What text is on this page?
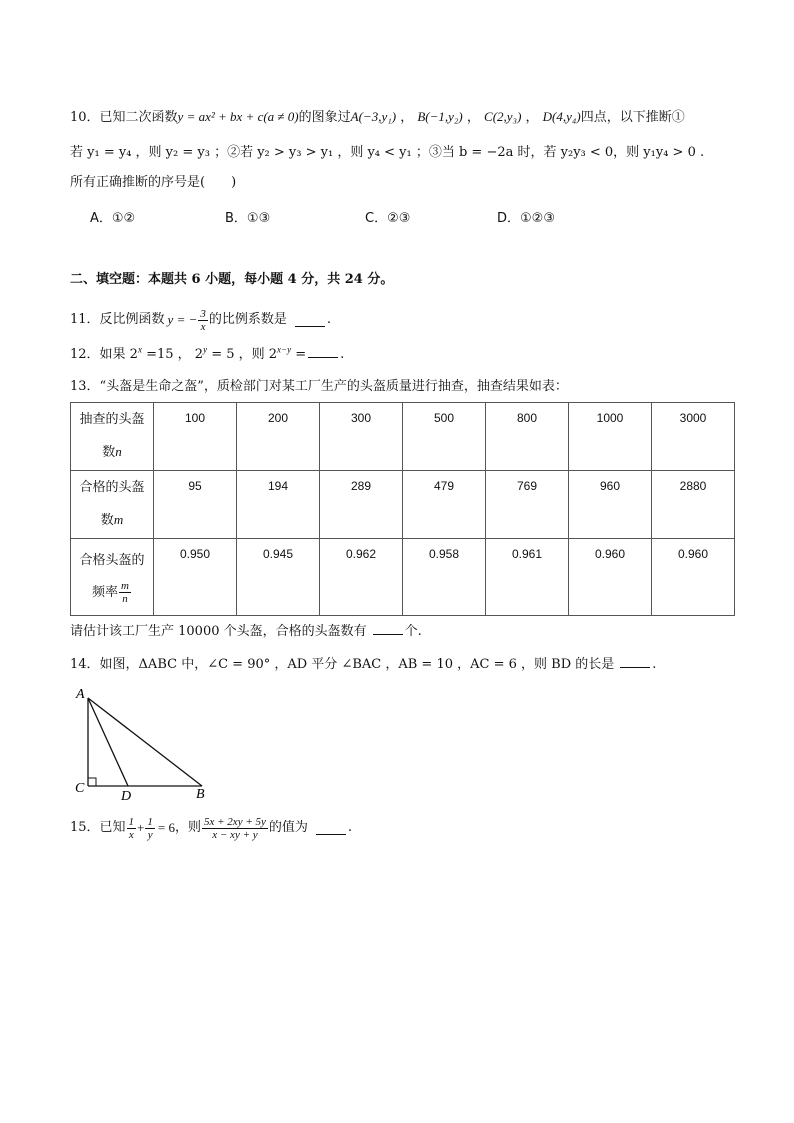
10．已知二次函数y = ax² + bx + c(a ≠ 0)的图象过A(−3,y₁) ， B(−1,y₂) ， C(2,y₃) ， D(4,y₄)四点，以下推断①
若 y₁ = y₄ ，则 y₂ = y₃ ；②若 y₂ > y₃ > y₁ ，则 y₄ < y₁ ；③当 b = −2a 时，若 y₂y₃ < 0，则 y₁y₄ > 0 .
所有正确推断的序号是(　　)
A．①②	B．①③	C．②③	D．①②③
二、填空题：本题共 6 小题，每小题 4 分，共 24 分。
11．反比例函数 y = − $\frac{3}{x}$ 的比例系数是	.
12．如果 $2^x =15$ ， $2^y = 5$ ，则 $2^{x-y}$ =	.
13．“头盔是生命之盔”，质检部门对某工厂生产的头盔质量进行抽查，抽查结果如表：
抽查的头盔
数n	100	200	300	500	800	1000	3000
合格的头盔
数m	95	194	289	479	769	960	2880
合格头盔的
频率 $\frac{m}{n}$	0.950	0.945	0.962	0.958	0.961	0.960	0.960
请估计该工厂生产 10000 个头盔，合格的头盔数有	个.
14．如图，ΔABC 中，∠C = 90° ，AD 平分 ∠BAC ，AB = 10 ，AC = 6 ，则 BD 的长是	.
A
C
D	B
15．已知 $\frac{1}{x} + \frac{1}{y} = 6$ ，则 $\frac{5x + 2xy + 5y}{x - xy + y}$ 的值为	.
